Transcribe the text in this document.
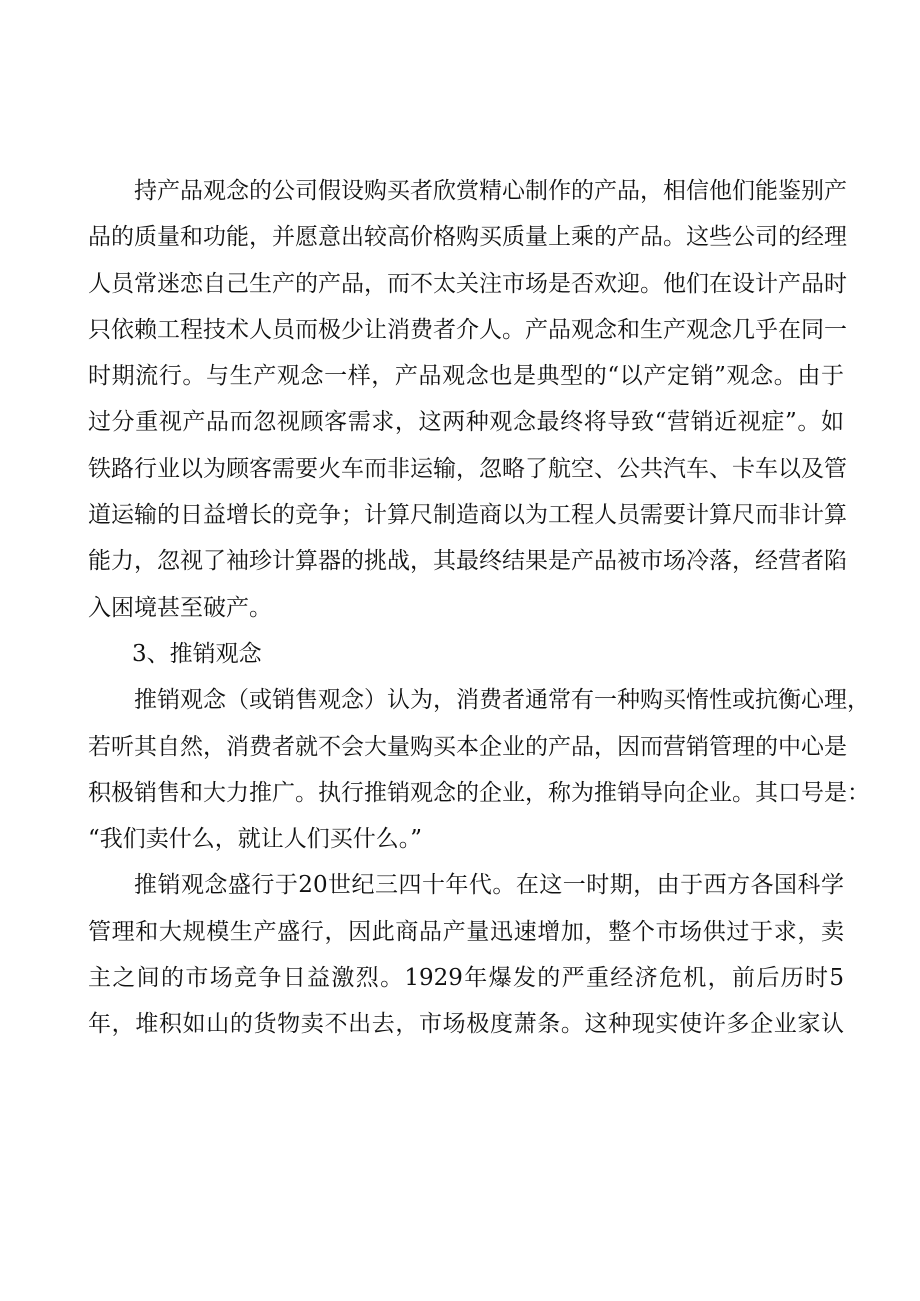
持产品观念的公司假设购买者欣赏精心制作的产品，相信他们能鉴别产
品的质量和功能，并愿意出较高价格购买质量上乘的产品。这些公司的经理
人员常迷恋自己生产的产品，而不太关注市场是否欢迎。他们在设计产品时
只依赖工程技术人员而极少让消费者介人。产品观念和生产观念几乎在同一
时期流行。与生产观念一样，产品观念也是典型的“以产定销”观念。由于
过分重视产品而忽视顾客需求，这两种观念最终将导致“营销近视症”。如
铁路行业以为顾客需要火车而非运输，忽略了航空、公共汽车、卡车以及管
道运输的日益增长的竞争；计算尺制造商以为工程人员需要计算尺而非计算
能力，忽视了袖珍计算器的挑战，其最终结果是产品被市场冷落，经营者陷
入困境甚至破产。
3、推销观念
推销观念（或销售观念）认为，消费者通常有一种购买惰性或抗衡心理，
若听其自然，消费者就不会大量购买本企业的产品，因而营销管理的中心是
积极销售和大力推广。执行推销观念的企业，称为推销导向企业。其口号是：
“我们卖什么，就让人们买什么。”
推销观念盛行于20世纪三四十年代。在这一时期，由于西方各国科学
管理和大规模生产盛行，因此商品产量迅速增加，整个市场供过于求，卖
主之间的市场竞争日益激烈。1929年爆发的严重经济危机，前后历时5
年，堆积如山的货物卖不出去，市场极度萧条。这种现实使许多企业家认
